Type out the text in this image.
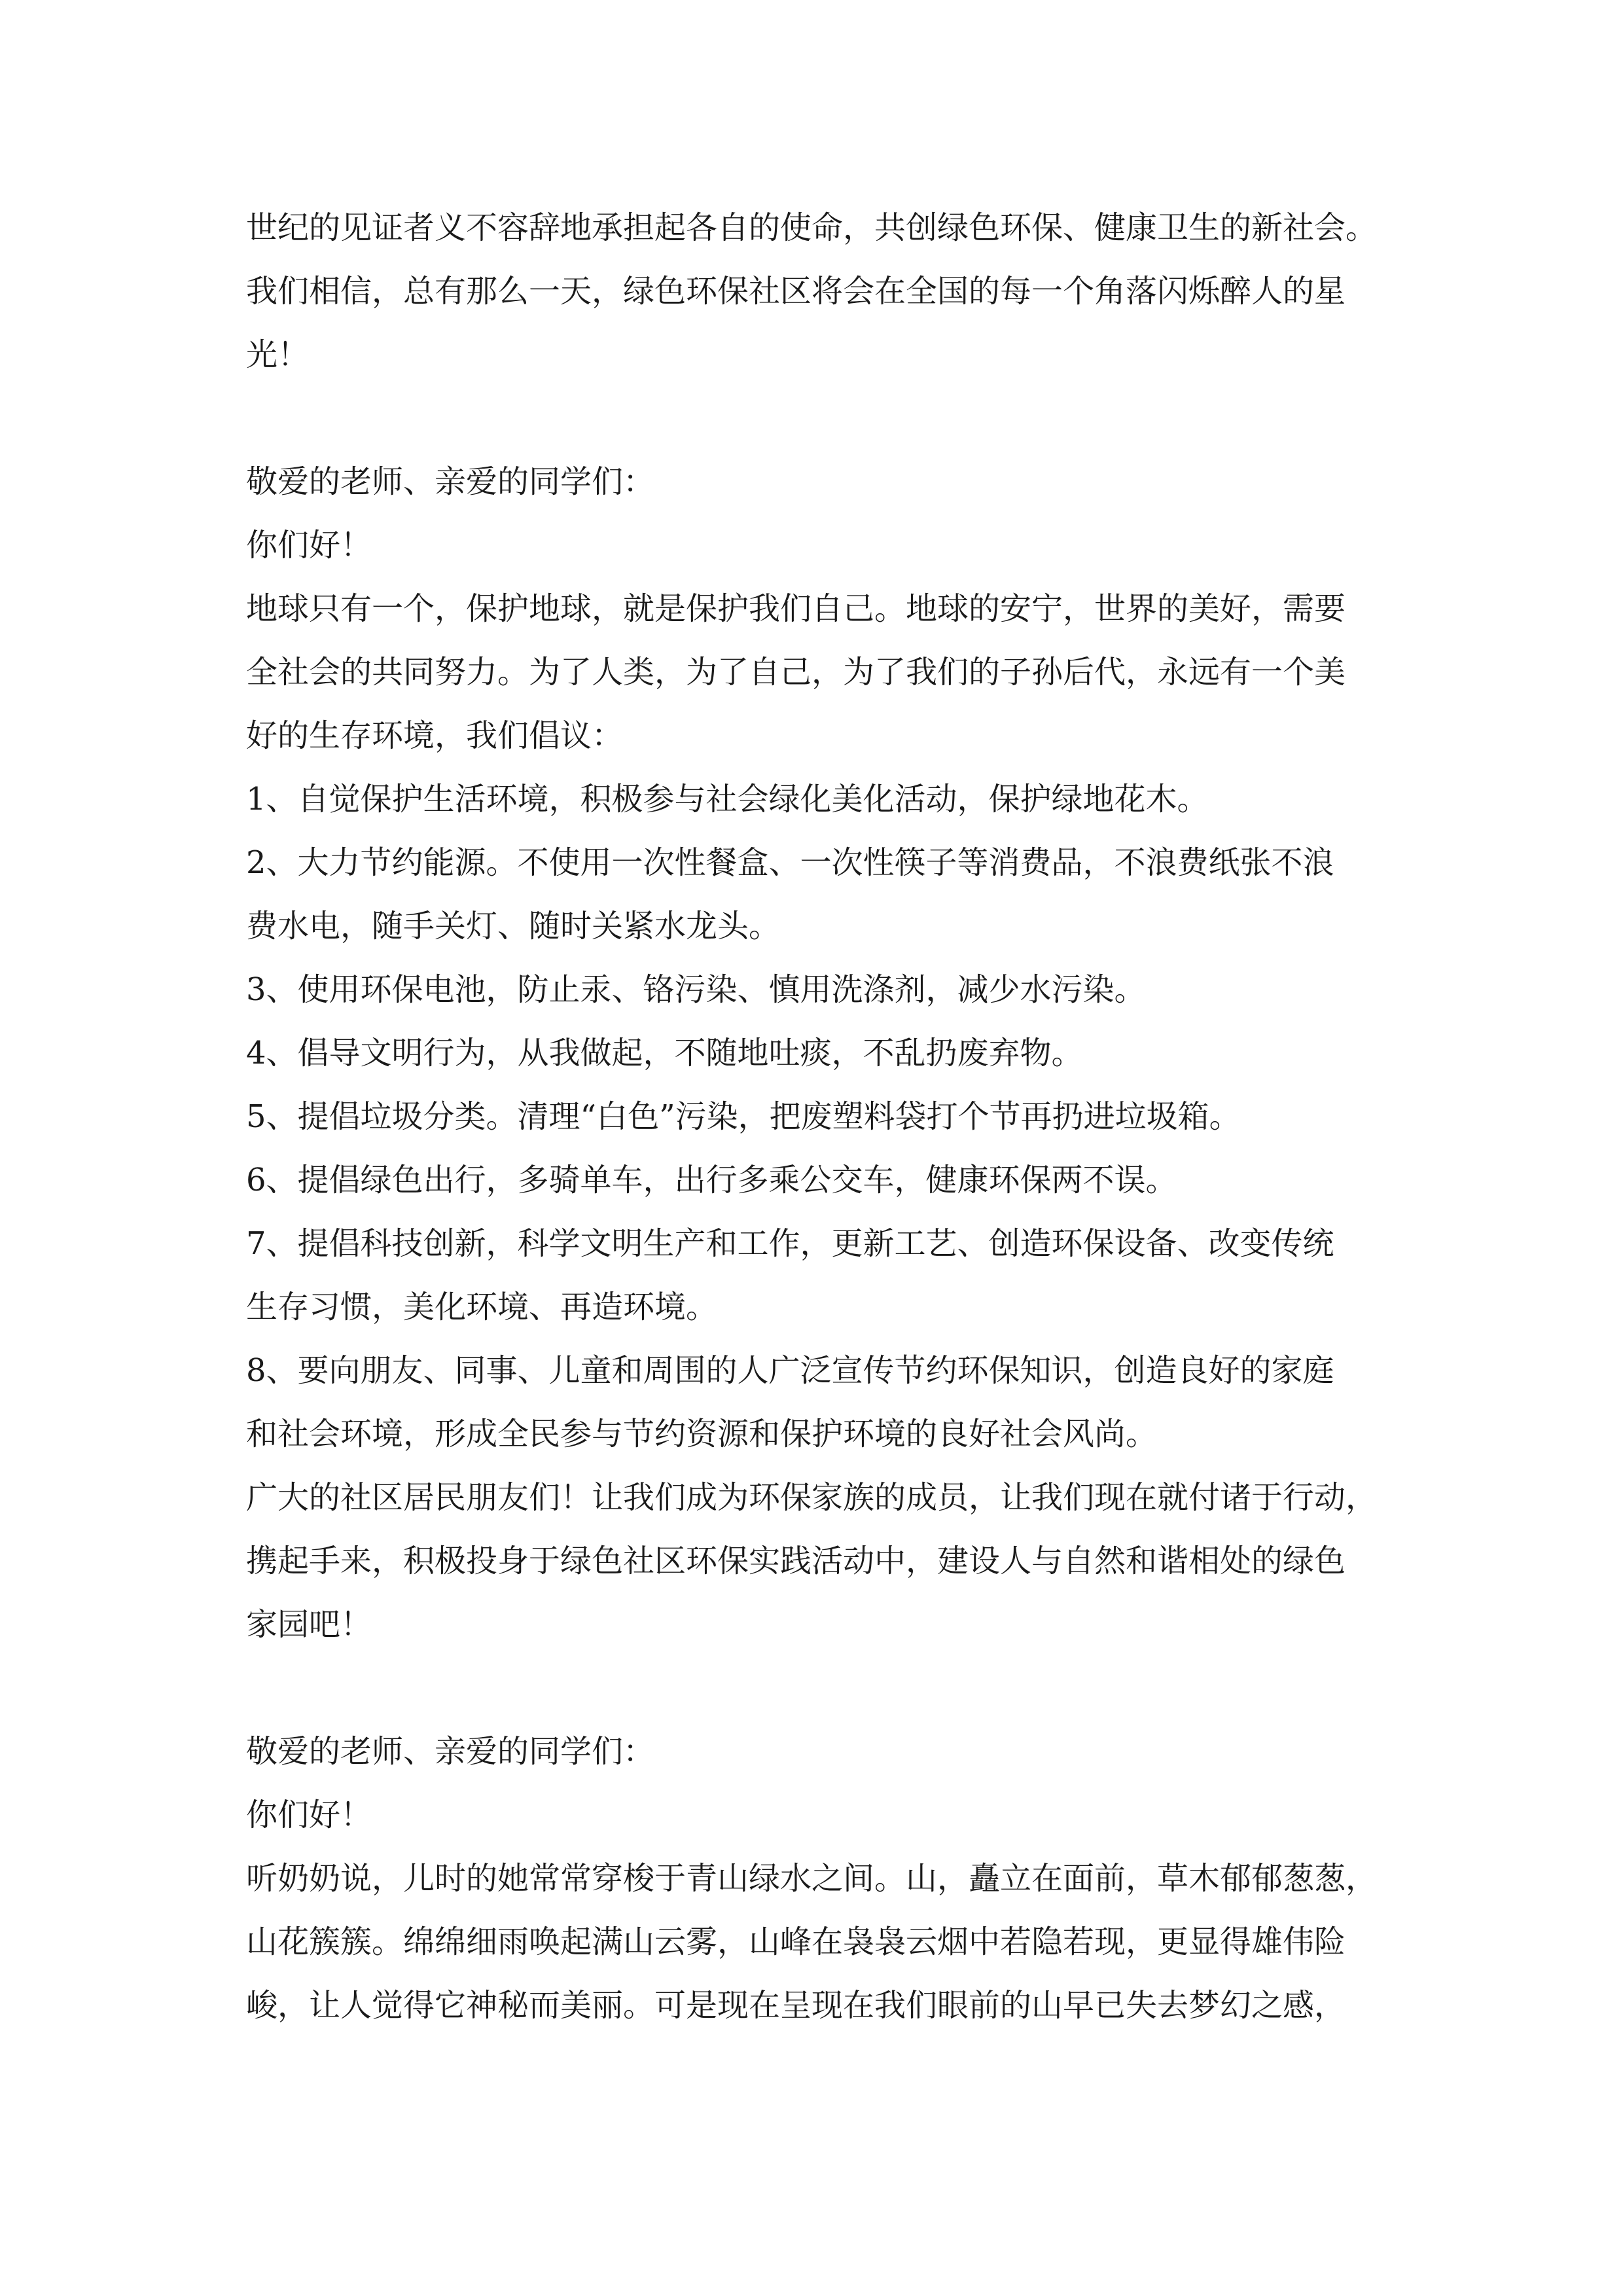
世纪的见证者义不容辞地承担起各自的使命，共创绿色环保、健康卫生的新社会。
我们相信，总有那么一天，绿色环保社区将会在全国的每一个角落闪烁醉人的星
光！
敬爱的老师、亲爱的同学们：
你们好！
地球只有一个，保护地球，就是保护我们自己。地球的安宁，世界的美好，需要
全社会的共同努力。为了人类，为了自己，为了我们的子孙后代，永远有一个美
好的生存环境，我们倡议：
1、自觉保护生活环境，积极参与社会绿化美化活动，保护绿地花木。
2、大力节约能源。不使用一次性餐盒、一次性筷子等消费品，不浪费纸张不浪
费水电，随手关灯、随时关紧水龙头。
3、使用环保电池，防止汞、铬污染、慎用洗涤剂，减少水污染。
4、倡导文明行为，从我做起，不随地吐痰，不乱扔废弃物。
5、提倡垃圾分类。清理“白色”污染，把废塑料袋打个节再扔进垃圾箱。
6、提倡绿色出行，多骑单车，出行多乘公交车，健康环保两不误。
7、提倡科技创新，科学文明生产和工作，更新工艺、创造环保设备、改变传统
生存习惯，美化环境、再造环境。
8、要向朋友、同事、儿童和周围的人广泛宣传节约环保知识，创造良好的家庭
和社会环境，形成全民参与节约资源和保护环境的良好社会风尚。
广大的社区居民朋友们！让我们成为环保家族的成员，让我们现在就付诸于行动，
携起手来，积极投身于绿色社区环保实践活动中，建设人与自然和谐相处的绿色
家园吧！
敬爱的老师、亲爱的同学们：
你们好！
听奶奶说，儿时的她常常穿梭于青山绿水之间。山，矗立在面前，草木郁郁葱葱，
山花簇簇。绵绵细雨唤起满山云雾，山峰在袅袅云烟中若隐若现，更显得雄伟险
峻，让人觉得它神秘而美丽。可是现在呈现在我们眼前的山早已失去梦幻之感，
